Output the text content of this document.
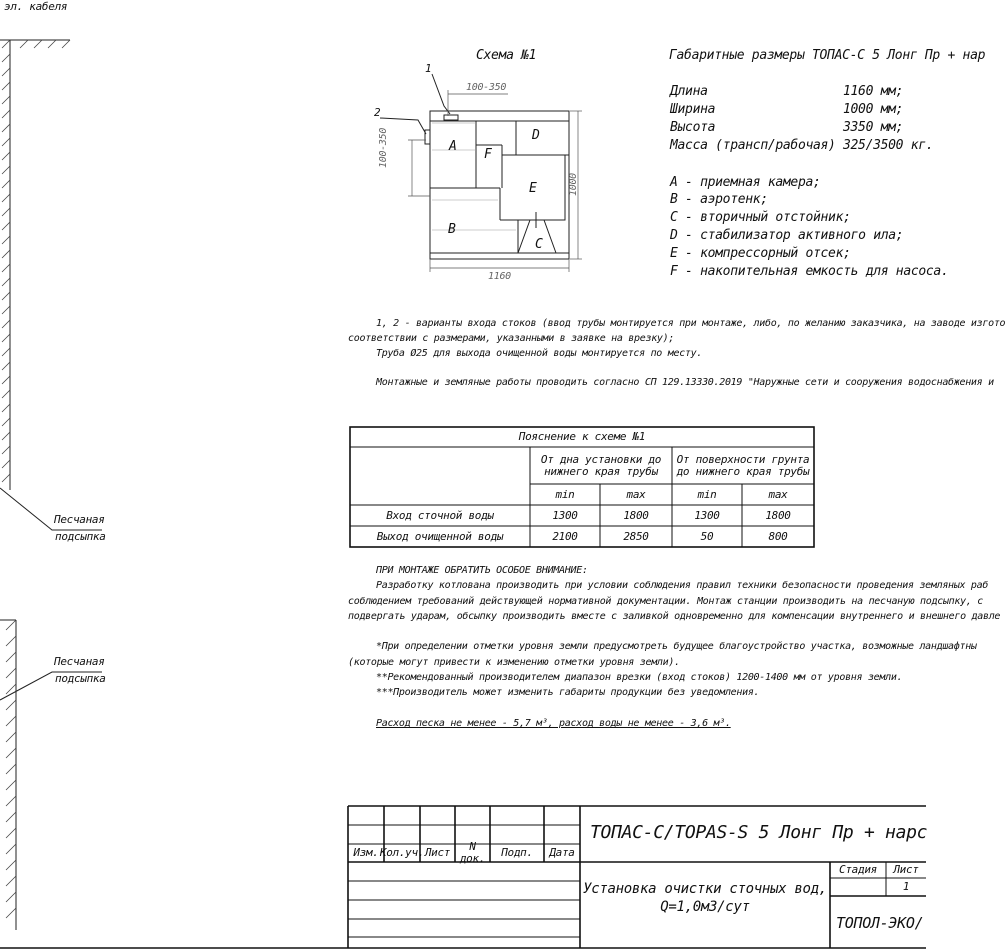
эл. кабеля
Песчаная
подсыпка
Песчаная
подсыпка
Схема №1
1
2
100-350
100-350
1000
1160
A
B
C
D
E
F
Габаритные размеры ТОПАС-С 5 Лонг Пр + нар
Длина	1160 мм;
Ширина	1000 мм;
Высота	3350 мм;
Масса (трансп/рабочая) 325/3500 кг.
A - приемная камера;
B - аэротенк;
C - вторичный отстойник;
D - стабилизатор активного ила;
E - компрессорный отсек;
F - накопительная емкость для насоса.
1, 2 - варианты входа стоков (ввод трубы монтируется при монтаже, либо, по желанию заказчика, на заводе изгото
соответствии с размерами, указанными в заявке на врезку);
Труба Ø25 для выхода очищенной воды монтируется по месту.
Монтажные и земляные работы проводить согласно СП 129.13330.2019 "Наружные сети и сооружения водоснабжения и
Пояснение к схеме №1
От дна установки до нижнего края трубы
От поверхности грунта до нижнего края трубы
min	max	min	max
Вход сточной воды	1300	1800	1300	1800
Выход очищенной воды	2100	2850	50	800
ПРИ МОНТАЖЕ ОБРАТИТЬ ОСОБОЕ ВНИМАНИЕ:
Разработку котлована производить при условии соблюдения правил техники безопасности проведения земляных раб
соблюдением требований действующей нормативной документации. Монтаж станции производить на песчаную подсыпку, с
подвергать ударам, обсыпку производить вместе с заливкой одновременно для компенсации внутреннего и внешнего давле
*При определении отметки уровня земли предусмотреть будущее благоустройство участка, возможные ландшафтны
(которые могут привести к изменению отметки уровня земли).
**Рекомендованный производителем диапазон врезки (вход стоков) 1200-1400 мм от уровня земли.
***Производитель может изменить габариты продукции без уведомления.
Расход песка не менее - 5,7 м³, расход воды не менее - 3,6 м³.
Изм. Кол.уч. Лист	N док.	Подп.	Дата
ТОПАС-С/TOPAS-S 5 Лонг Пр + нарс
Установка очистки сточных вод,
Q=1,0м3/сут
Стадия	Лист
1
ТОПОЛ-ЭКО/
